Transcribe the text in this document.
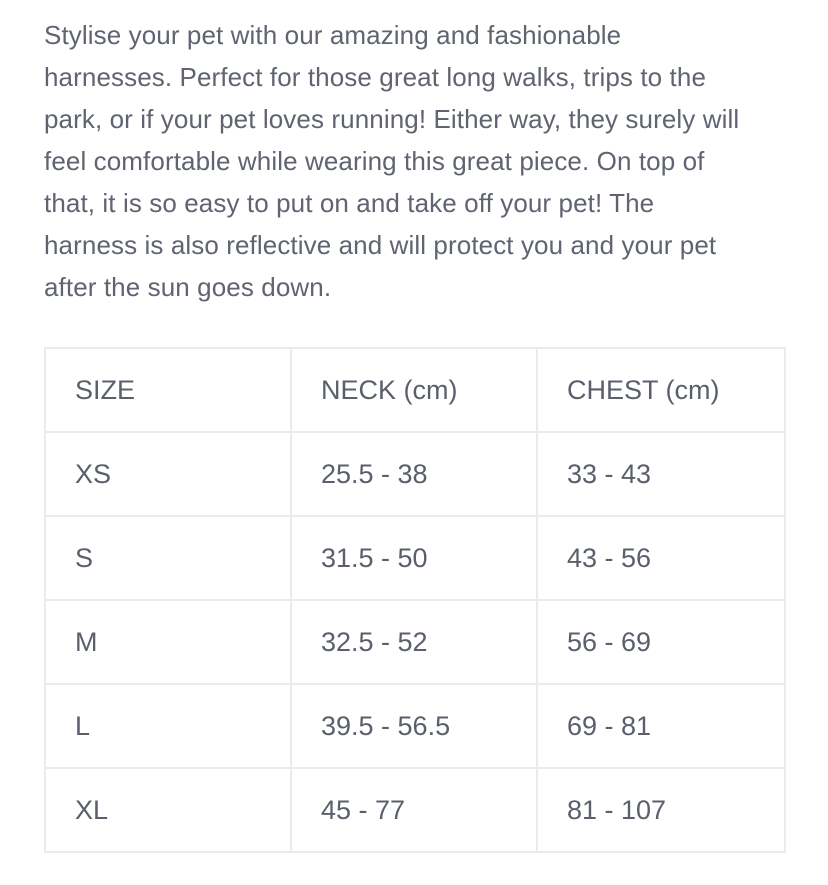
Stylise your pet with our amazing and fashionable
harnesses. Perfect for those great long walks, trips to the
park, or if your pet loves running! Either way, they surely will
feel comfortable while wearing this great piece. On top of
that, it is so easy to put on and take off your pet! The
harness is also reflective and will protect you and your pet
after the sun goes down.

SIZE	NECK (cm)	CHEST (cm)
XS	25.5 - 38	33 - 43
S	31.5 - 50	43 - 56
M	32.5 - 52	56 - 69
L	39.5 - 56.5	69 - 81
XL	45 - 77	81 - 107
